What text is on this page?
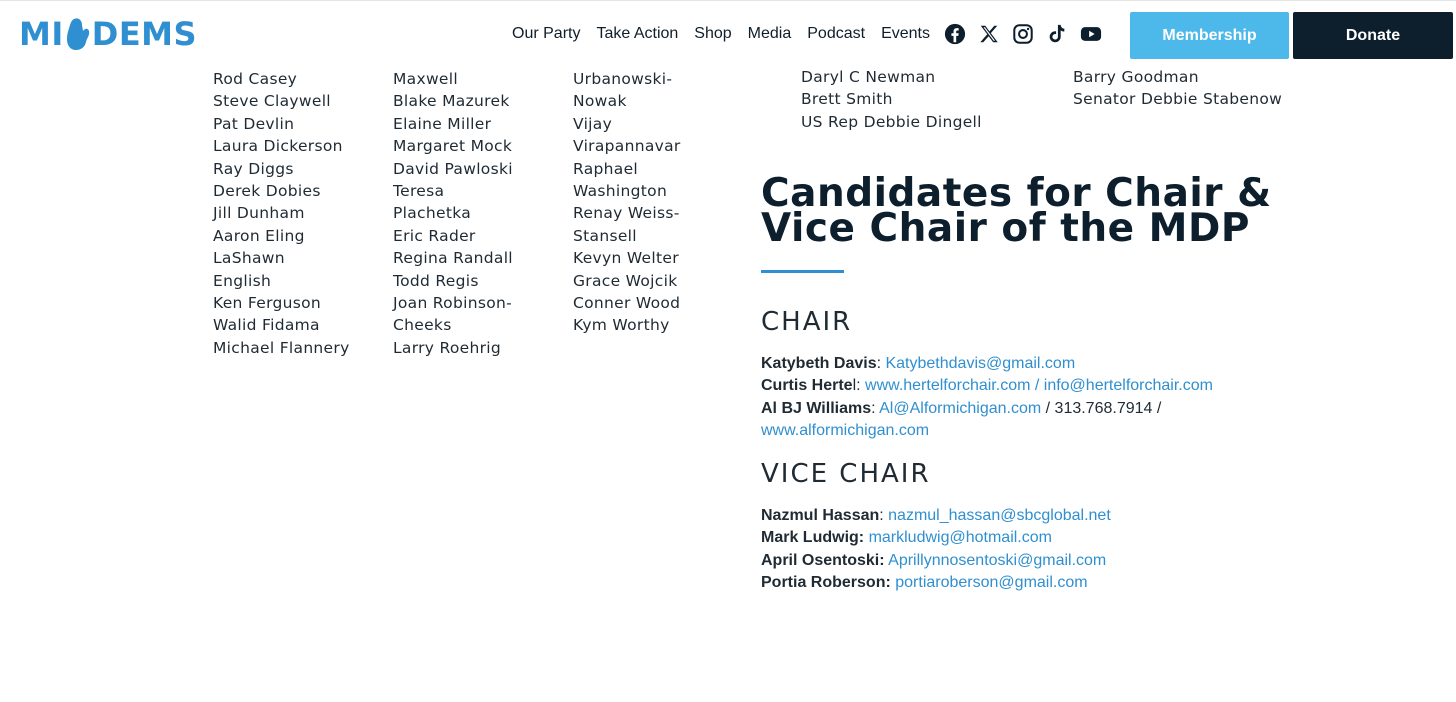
MI DEMS	Our Party Take Action Shop Media Podcast Events	Membership	Donate
Rod Casey
Steve Claywell
Pat Devlin
Laura Dickerson
Ray Diggs
Derek Dobies
Jill Dunham
Aaron Eling
LaShawn
English
Ken Ferguson
Walid Fidama
Michael Flannery
Maxwell
Blake Mazurek
Elaine Miller
Margaret Mock
David Pawloski
Teresa
Plachetka
Eric Rader
Regina Randall
Todd Regis
Joan Robinson-
Cheeks
Larry Roehrig
Urbanowski-
Nowak
Vijay
Virapannavar
Raphael
Washington
Renay Weiss-
Stansell
Kevyn Welter
Grace Wojcik
Conner Wood
Kym Worthy
Daryl C Newman
Brett Smith
US Rep Debbie Dingell
Barry Goodman
Senator Debbie Stabenow
Candidates for Chair & Vice Chair of the MDP
CHAIR
Katybeth Davis: Katybethdavis@gmail.com
Curtis Hertel: www.hertelforchair.com / info@hertelforchair.com
Al BJ Williams: Al@Alformichigan.com / 313.768.7914 /
www.alformichigan.com
VICE CHAIR
Nazmul Hassan: nazmul_hassan@sbcglobal.net
Mark Ludwig: markludwig@hotmail.com
April Osentoski: Aprillynnosentoski@gmail.com
Portia Roberson: portiaroberson@gmail.com
